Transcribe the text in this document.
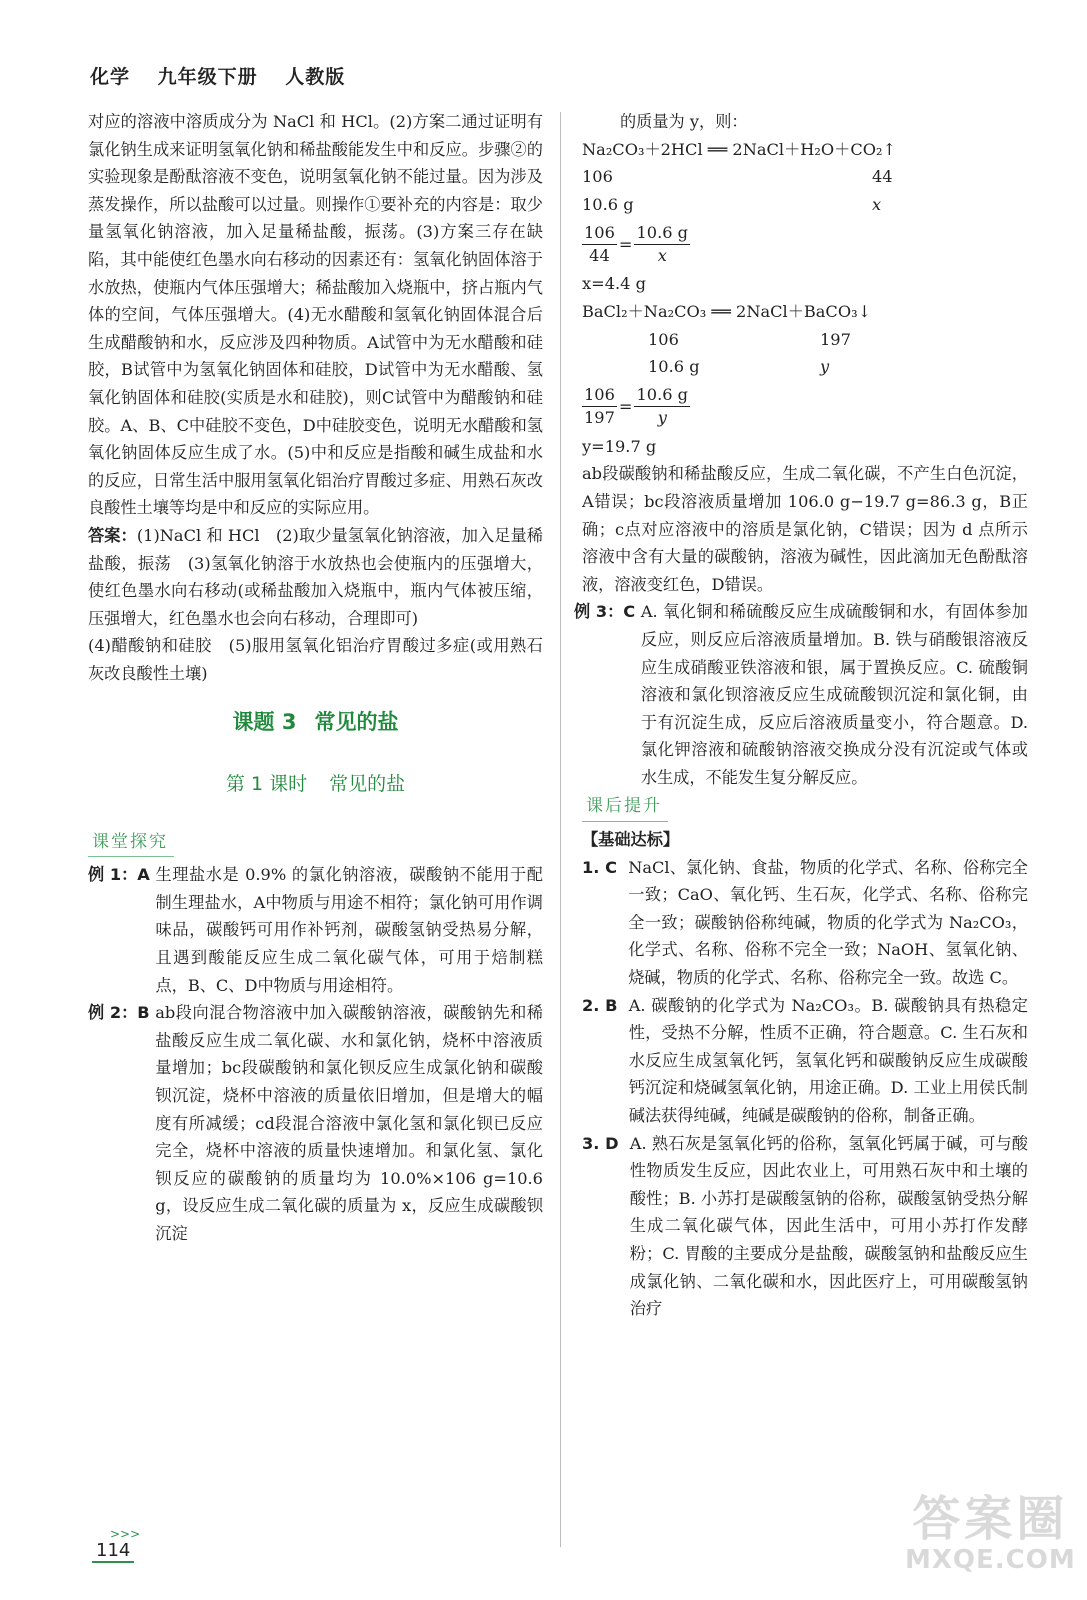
化学 九年级下册 人教版

对应的溶液中溶质成分为 NaCl 和 HCl。(2)方案二通过证明有氯化钠生成来证明氢氧化钠和稀盐酸能发生中和反应。步骤②的实验现象是酚酞溶液不变色，说明氢氧化钠不能过量。因为涉及蒸发操作，所以盐酸可以过量。则操作①要补充的内容是：取少量氢氧化钠溶液，加入足量稀盐酸，振荡。(3)方案三存在缺陷，其中能使红色墨水向右移动的因素还有：氢氧化钠固体溶于水放热，使瓶内气体压强增大；稀盐酸加入烧瓶中，挤占瓶内气体的空间，气体压强增大。(4)无水醋酸和氢氧化钠固体混合后生成醋酸钠和水，反应涉及四种物质。A试管中为无水醋酸和硅胶，B试管中为氢氧化钠固体和硅胶，D试管中为无水醋酸、氢氧化钠固体和硅胶(实质是水和硅胶)，则C试管中为醋酸钠和硅胶。A、B、C中硅胶不变色，D中硅胶变色，说明无水醋酸和氢氧化钠固体反应生成了水。(5)中和反应是指酸和碱生成盐和水的反应，日常生活中服用氢氧化铝治疗胃酸过多症、用熟石灰改良酸性土壤等均是中和反应的实际应用。

答案：(1)NaCl 和 HCl　(2)取少量氢氧化钠溶液，加入足量稀盐酸，振荡　(3)氢氧化钠溶于水放热也会使瓶内的压强增大，使红色墨水向右移动(或稀盐酸加入烧瓶中，瓶内气体被压缩，压强增大，红色墨水也会向右移动，合理即可)

(4)醋酸钠和硅胶　(5)服用氢氧化铝治疗胃酸过多症(或用熟石灰改良酸性土壤)

课题 3 常见的盐
第 1 课时 常见的盐
课堂探究
例 1：A 生理盐水是 0.9% 的氯化钠溶液，碳酸钠不能用于配制生理盐水，A中物质与用途不相符；氯化钠可用作调味品，碳酸钙可用作补钙剂，碳酸氢钠受热易分解，且遇到酸能反应生成二氧化碳气体，可用于焙制糕点，B、C、D中物质与用途相符。
例 2：B ab段向混合物溶液中加入碳酸钠溶液，碳酸钠先和稀盐酸反应生成二氧化碳、水和氯化钠，烧杯中溶液质量增加；bc段碳酸钠和氯化钡反应生成氯化钠和碳酸钡沉淀，烧杯中溶液的质量依旧增加，但是增大的幅度有所减缓；cd段混合溶液中氯化氢和氯化钡已反应完全，烧杯中溶液的质量快速增加。和氯化氢、氯化钡反应的碳酸钠的质量均为 10.0%×106 g=10.6 g，设反应生成二氧化碳的质量为 x，反应生成碳酸钡沉淀

的质量为 y，则：

Na₂CO₃＋2HCl ══ 2NaCl＋H₂O＋CO₂↑

106	44
10.6 g	x
$\frac{106}{44} = \frac{10.6 g}{x}$

x=4.4 g

BaCl₂＋Na₂CO₃ ══ 2NaCl＋BaCO₃↓

106	197
10.6 g	y
$\frac{106}{197} = \frac{10.6 g}{y}$

y=19.7 g

ab段碳酸钠和稀盐酸反应，生成二氧化碳，不产生白色沉淀，A错误；bc段溶液质量增加 106.0 g−19.7 g=86.3 g，B正确；c点对应溶液中的溶质是氯化钠，C错误；因为 d 点所示溶液中含有大量的碳酸钠，溶液为碱性，因此滴加无色酚酞溶液，溶液变红色，D错误。

例 3：C A. 氧化铜和稀硫酸反应生成硫酸铜和水，有固体参加反应，则反应后溶液质量增加。B. 铁与硝酸银溶液反应生成硝酸亚铁溶液和银，属于置换反应。C. 硫酸铜溶液和氯化钡溶液反应生成硫酸钡沉淀和氯化铜，由于有沉淀生成，反应后溶液质量变小，符合题意。D. 氯化钾溶液和硫酸钠溶液交换成分没有沉淀或气体或水生成，不能发生复分解反应。
课后提升

【基础达标】

1. C NaCl、氯化钠、食盐，物质的化学式、名称、俗称完全一致；CaO、氧化钙、生石灰，化学式、名称、俗称完全一致；碳酸钠俗称纯碱，物质的化学式为 Na₂CO₃，化学式、名称、俗称不完全一致；NaOH、氢氧化钠、烧碱，物质的化学式、名称、俗称完全一致。故选 C。
2. B A. 碳酸钠的化学式为 Na₂CO₃。B. 碳酸钠具有热稳定性，受热不分解，性质不正确，符合题意。C. 生石灰和水反应生成氢氧化钙，氢氧化钙和碳酸钠反应生成碳酸钙沉淀和烧碱氢氧化钠，用途正确。D. 工业上用侯氏制碱法获得纯碱，纯碱是碳酸钠的俗称，制备正确。
3. D A. 熟石灰是氢氧化钙的俗称，氢氧化钙属于碱，可与酸性物质发生反应，因此农业上，可用熟石灰中和土壤的酸性；B. 小苏打是碳酸氢钠的俗称，碳酸氢钠受热分解生成二氧化碳气体，因此生活中，可用小苏打作发酵粉；C. 胃酸的主要成分是盐酸，碳酸氢钠和盐酸反应生成氯化钠、二氧化碳和水，因此医疗上，可用碳酸氢钠治疗
>>>
114
答案圈
MXQE.COM
